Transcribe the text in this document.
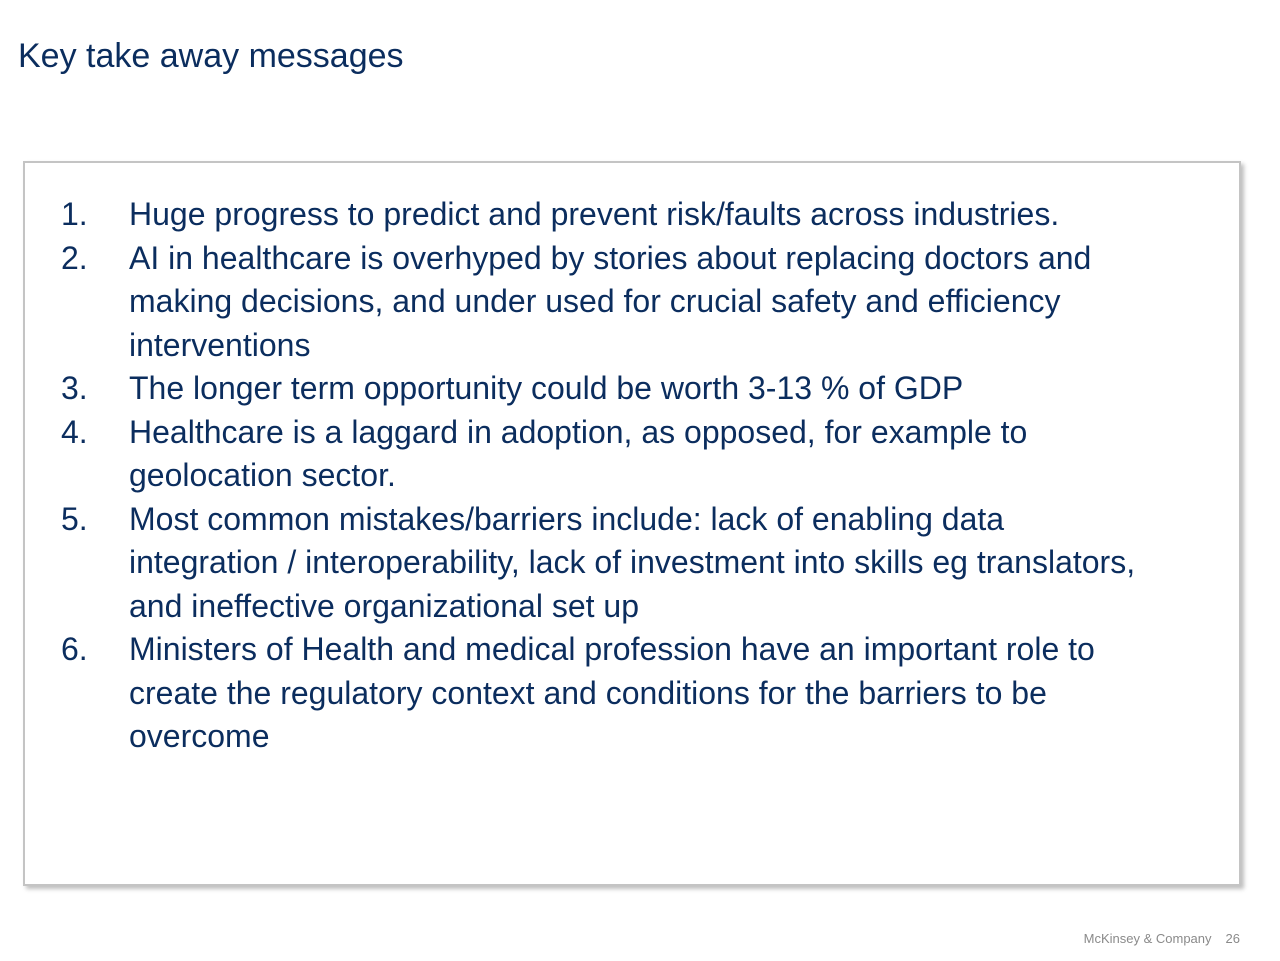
Key take away messages
1.	Huge progress to predict and prevent risk/faults across industries.
2.	AI in healthcare is overhyped by stories about replacing doctors and making decisions, and under used for crucial safety and efficiency interventions
3.	The longer term opportunity could be worth 3-13 % of GDP
4.	Healthcare is a laggard in adoption, as opposed, for example to geolocation sector.
5.	Most common mistakes/barriers include: lack of enabling data integration / interoperability, lack of investment into skills eg translators, and ineffective organizational set up
6.	Ministers of Health and medical profession have an important role to create the regulatory context and conditions for the barriers to be overcome
McKinsey & Company 26
